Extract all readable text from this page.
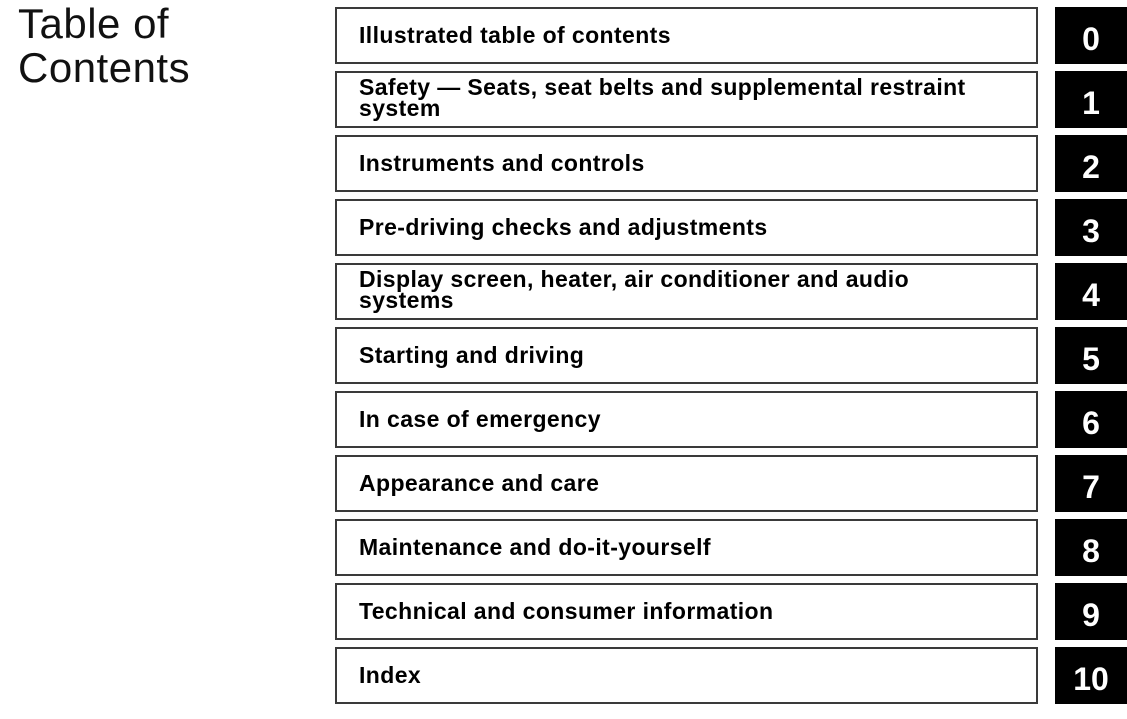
Table of
Contents
Illustrated table of contents	0
Safety — Seats, seat belts and supplemental restraint system	1
Instruments and controls	2
Pre-driving checks and adjustments	3
Display screen, heater, air conditioner and audio systems	4
Starting and driving	5
In case of emergency	6
Appearance and care	7
Maintenance and do-it-yourself	8
Technical and consumer information	9
Index	10
